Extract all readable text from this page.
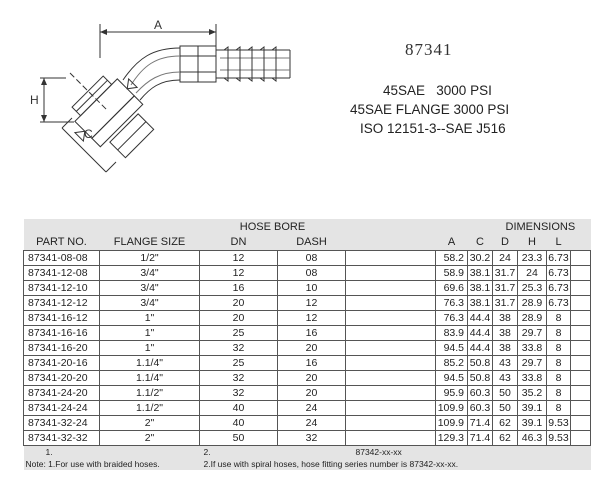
A
H
C
87341
45SAE   3000 PSI
45SAE FLANGE 3000 PSI
ISO 12151-3--SAE J516
		HOSE BORE			DIMENSIONS					
PART NO.	FLANGE SIZE	DN	DASH		A	C	D	H	L	
87341-08-08	1/2"	12	08		58.2	30.2	24	23.3	6.73	
87341-12-08	3/4"	12	08		58.9	38.1	31.7	24	6.73	
87341-12-10	3/4"	16	10		69.6	38.1	31.7	25.3	6.73	
87341-12-12	3/4"	20	12		76.3	38.1	31.7	28.9	6.73	
87341-16-12	1"	20	12		76.3	44.4	38	28.9	8	
87341-16-16	1"	25	16		83.9	44.4	38	29.7	8	
87341-16-20	1"	32	20		94.5	44.4	38	33.8	8	
87341-20-16	1.1/4"	25	16		85.2	50.8	43	29.7	8	
87341-20-20	1.1/4"	32	20		94.5	50.8	43	33.8	8	
87341-24-20	1.1/2"	32	20		95.9	60.3	50	35.2	8	
87341-24-24	1.1/2"	40	24		109.9	60.3	50	39.1	8	
87341-32-24	2"	40	24		109.9	71.4	62	39.1	9.53	
87341-32-32	2"	50	32		129.3	71.4	62	46.3	9.53	
1.		2.		87342-xx-xx						
Note: 1.For use with braided hoses.		2.If use with spiral hoses, hose fitting series number is 87342-xx-xx.								
